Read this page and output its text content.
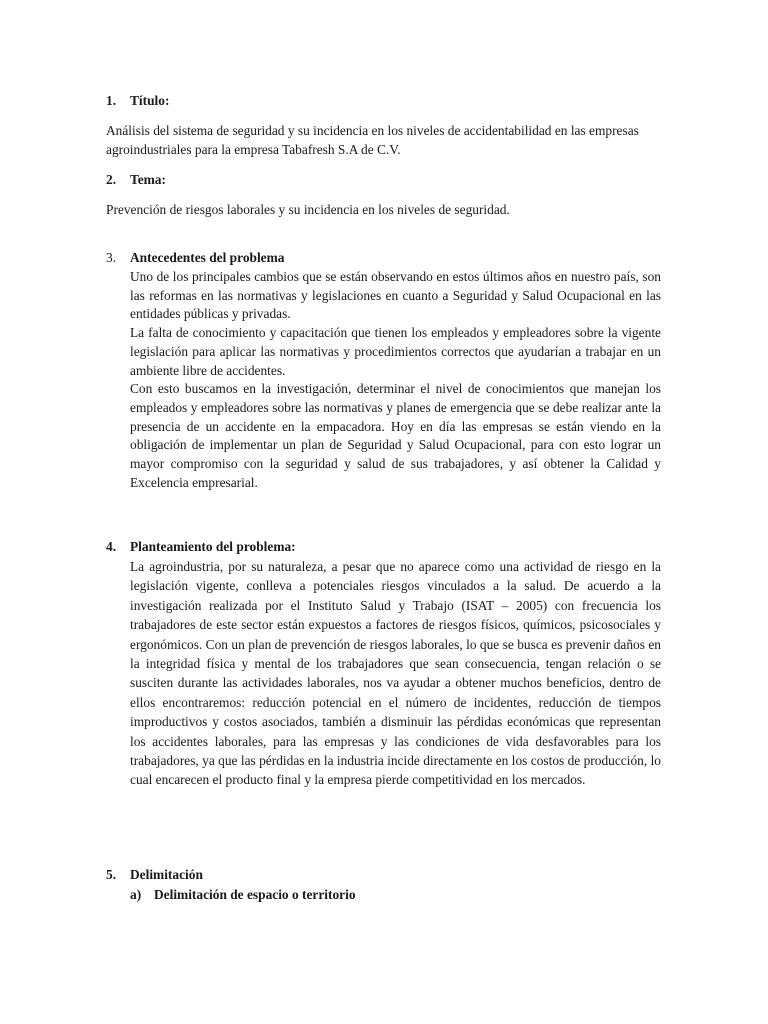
1. Título:
Análisis del sistema de seguridad y su incidencia en los niveles de accidentabilidad en las empresas agroindustriales para la empresa Tabafresh S.A de C.V.
2. Tema:
Prevención de riesgos laborales y su incidencia en los niveles de seguridad.
3. Antecedentes del problema

Uno de los principales cambios que se están observando en estos últimos años en nuestro país, son las reformas en las normativas y legislaciones en cuanto a Seguridad y Salud Ocupacional en las entidades públicas y privadas.

La falta de conocimiento y capacitación que tienen los empleados y empleadores sobre la vigente legislación para aplicar las normativas y procedimientos correctos que ayudarían a trabajar en un ambiente libre de accidentes.

Con esto buscamos en la investigación, determinar el nivel de conocimientos que manejan los empleados y empleadores sobre las normativas y planes de emergencia que se debe realizar ante la presencia de un accidente en la empacadora. Hoy en día las empresas se están viendo en la obligación de implementar un plan de Seguridad y Salud Ocupacional, para con esto lograr un mayor compromiso con la seguridad y salud de sus trabajadores, y así obtener la Calidad y Excelencia empresarial.

4. Planteamiento del problema:

La agroindustria, por su naturaleza, a pesar que no aparece como una actividad de riesgo en la legislación vigente, conlleva a potenciales riesgos vinculados a la salud. De acuerdo a la investigación realizada por el Instituto Salud y Trabajo (ISAT – 2005) con frecuencia los trabajadores de este sector están expuestos a factores de riesgos físicos, químicos, psicosociales y ergonómicos. Con un plan de prevención de riesgos laborales, lo que se busca es prevenir daños en la integridad física y mental de los trabajadores que sean consecuencia, tengan relación o se susciten durante las actividades laborales, nos va ayudar a obtener muchos beneficios, dentro de ellos encontraremos: reducción potencial en el número de incidentes, reducción de tiempos improductivos y costos asociados, también a disminuir las pérdidas económicas que representan los accidentes laborales, para las empresas y las condiciones de vida desfavorables para los trabajadores, ya que las pérdidas en la industria incide directamente en los costos de producción, lo cual encarecen el producto final y la empresa pierde competitividad en los mercados.

5. Delimitación
a) Delimitación de espacio o territorio
